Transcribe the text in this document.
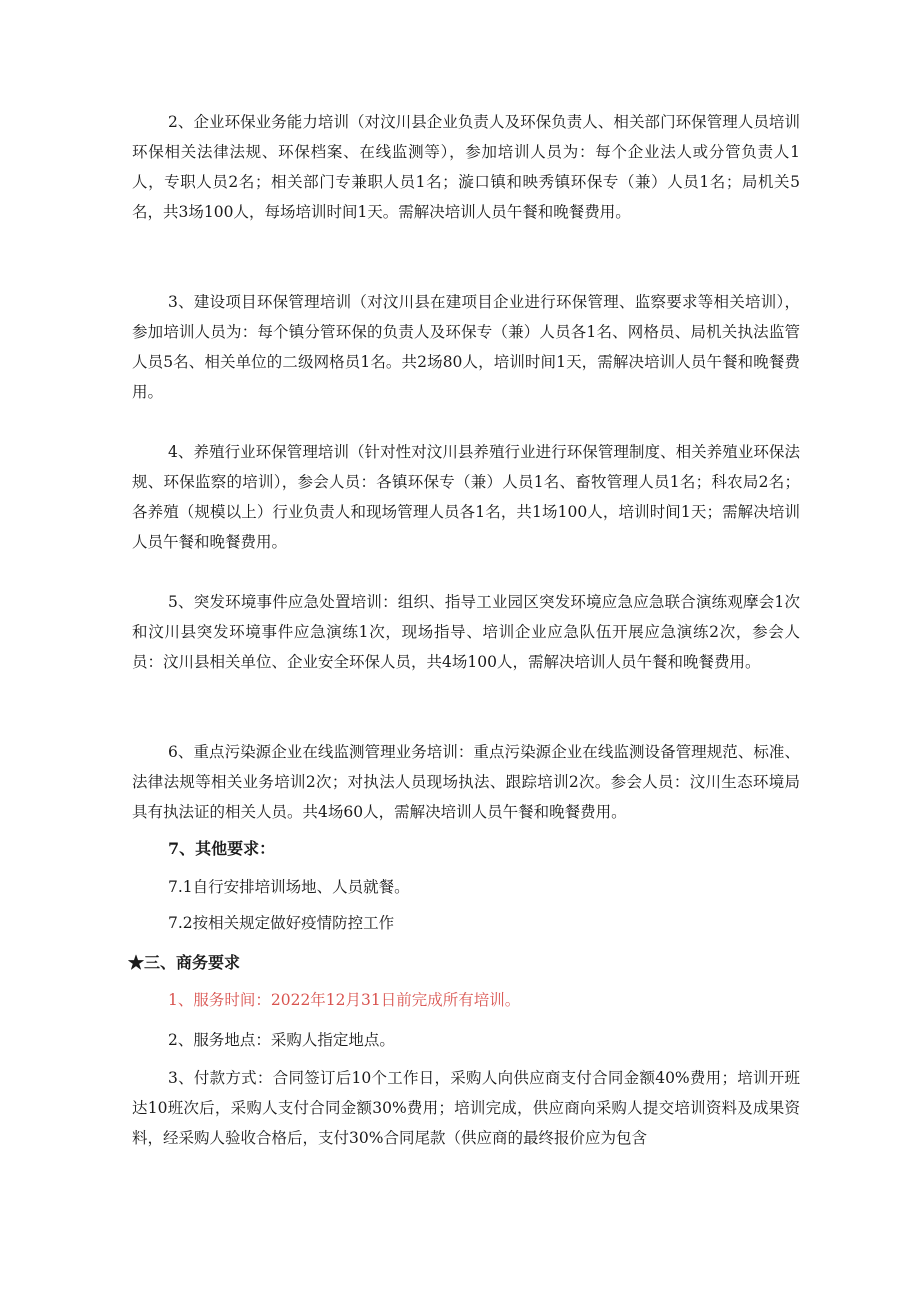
2、企业环保业务能力培训（对汶川县企业负责人及环保负责人、相关部门环保管理人员培训环保相关法律法规、环保档案、在线监测等），参加培训人员为：每个企业法人或分管负责人1人，专职人员2名；相关部门专兼职人员1名；漩口镇和映秀镇环保专（兼）人员1名；局机关5名，共3场100人，每场培训时间1天。需解决培训人员午餐和晚餐费用。

3、建设项目环保管理培训（对汶川县在建项目企业进行环保管理、监察要求等相关培训），参加培训人员为：每个镇分管环保的负责人及环保专（兼）人员各1名、网格员、局机关执法监管人员5名、相关单位的二级网格员1名。共2场80人，培训时间1天，需解决培训人员午餐和晚餐费用。

4、养殖行业环保管理培训（针对性对汶川县养殖行业进行环保管理制度、相关养殖业环保法规、环保监察的培训），参会人员：各镇环保专（兼）人员1名、畜牧管理人员1名；科农局2名；各养殖（规模以上）行业负责人和现场管理人员各1名，共1场100人，培训时间1天；需解决培训人员午餐和晚餐费用。

5、突发环境事件应急处置培训：组织、指导工业园区突发环境应急应急联合演练观摩会1次和汶川县突发环境事件应急演练1次，现场指导、培训企业应急队伍开展应急演练2次，参会人员：汶川县相关单位、企业安全环保人员，共4场100人，需解决培训人员午餐和晚餐费用。

6、重点污染源企业在线监测管理业务培训：重点污染源企业在线监测设备管理规范、标准、法律法规等相关业务培训2次；对执法人员现场执法、跟踪培训2次。参会人员：汶川生态环境局具有执法证的相关人员。共4场60人，需解决培训人员午餐和晚餐费用。

7、其他要求：

7.1自行安排培训场地、人员就餐。

7.2按相关规定做好疫情防控工作

★三、商务要求

1、服务时间：2022年12月31日前完成所有培训。

2、服务地点：采购人指定地点。

3、付款方式：合同签订后10个工作日，采购人向供应商支付合同金额40%费用；培训开班达10班次后，采购人支付合同金额30%费用；培训完成，供应商向采购人提交培训资料及成果资料，经采购人验收合格后，支付30%合同尾款（供应商的最终报价应为包含
